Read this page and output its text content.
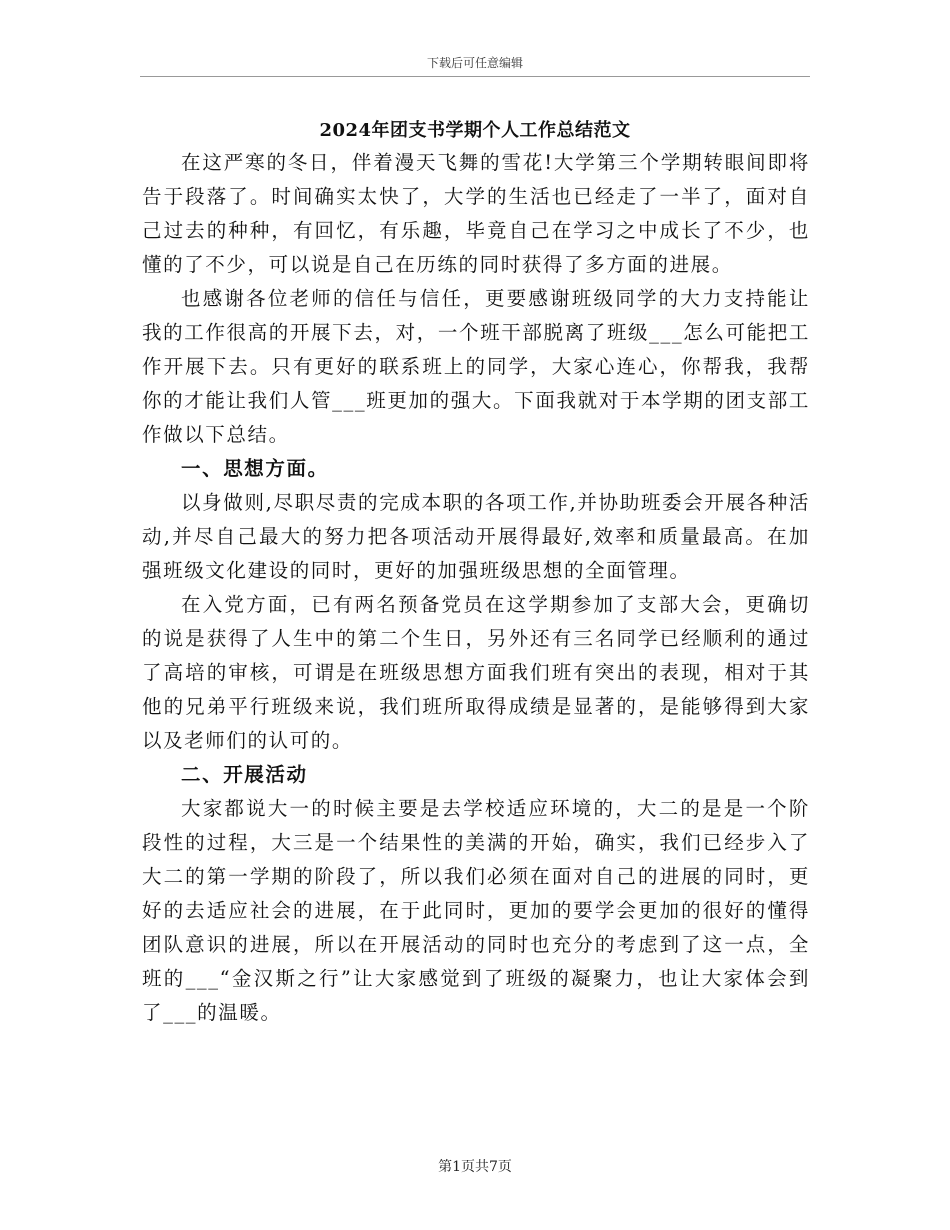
下载后可任意编辑
2024年团支书学期个人工作总结范文

在这严寒的冬日，伴着漫天飞舞的雪花!大学第三个学期转眼间即将告于段落了。时间确实太快了，大学的生活也已经走了一半了，面对自己过去的种种，有回忆，有乐趣，毕竟自己在学习之中成长了不少，也懂的了不少，可以说是自己在历练的同时获得了多方面的进展。

也感谢各位老师的信任与信任，更要感谢班级同学的大力支持能让我的工作很高的开展下去，对，一个班干部脱离了班级___怎么可能把工作开展下去。只有更好的联系班上的同学，大家心连心，你帮我，我帮你的才能让我们人管___班更加的强大。下面我就对于本学期的团支部工作做以下总结。

一、思想方面。

以身做则,尽职尽责的完成本职的各项工作,并协助班委会开展各种活动,并尽自己最大的努力把各项活动开展得最好,效率和质量最高。在加强班级文化建设的同时，更好的加强班级思想的全面管理。

在入党方面，已有两名预备党员在这学期参加了支部大会，更确切的说是获得了人生中的第二个生日，另外还有三名同学已经顺利的通过了高培的审核，可谓是在班级思想方面我们班有突出的表现，相对于其他的兄弟平行班级来说，我们班所取得成绩是显著的，是能够得到大家以及老师们的认可的。

二、开展活动

大家都说大一的时候主要是去学校适应环境的，大二的是是一个阶段性的过程，大三是一个结果性的美满的开始，确实，我们已经步入了大二的第一学期的阶段了，所以我们必须在面对自己的进展的同时，更好的去适应社会的进展，在于此同时，更加的要学会更加的很好的懂得团队意识的进展，所以在开展活动的同时也充分的考虑到了这一点，全班的___“金汉斯之行”让大家感觉到了班级的凝聚力，也让大家体会到了___的温暖。

第1页共7页
